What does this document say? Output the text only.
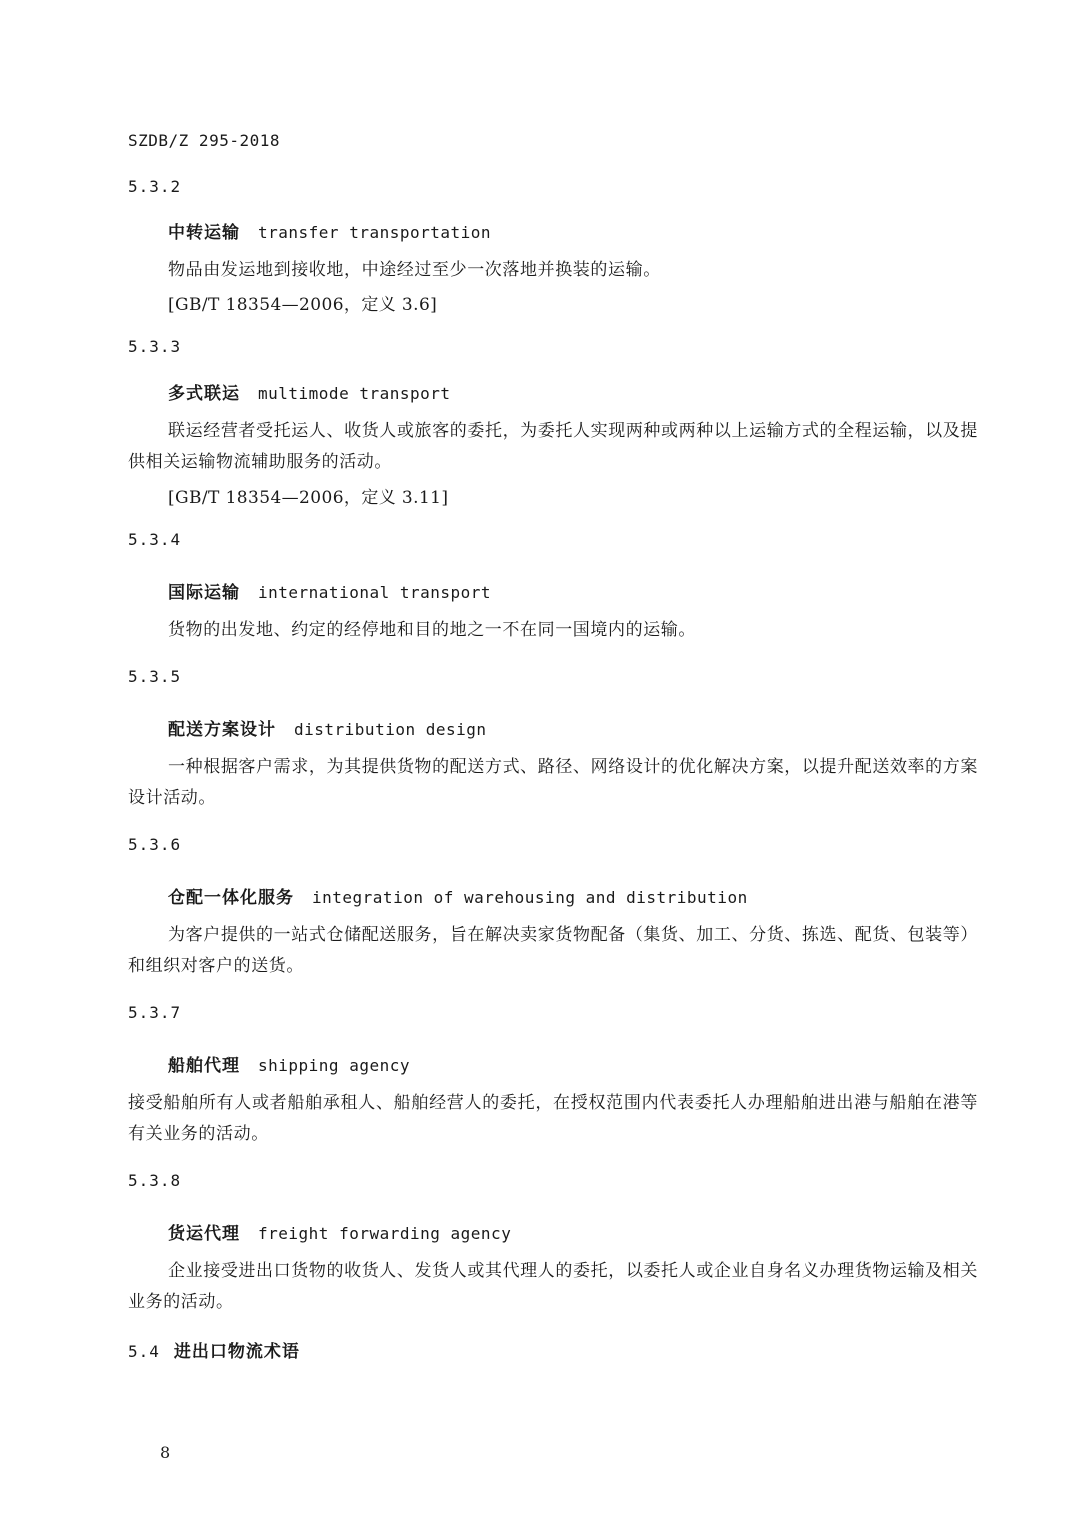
SZDB/Z 295-2018
5.3.2
中转运输 transfer transportation
物品由发运地到接收地，中途经过至少一次落地并换装的运输。
[GB/T 18354—2006，定义 3.6]
5.3.3
多式联运 multimode transport
联运经营者受托运人、收货人或旅客的委托，为委托人实现两种或两种以上运输方式的全程运输，以及提供相关运输物流辅助服务的活动。
[GB/T 18354—2006，定义 3.11]
5.3.4
国际运输 international transport
货物的出发地、约定的经停地和目的地之一不在同一国境内的运输。
5.3.5
配送方案设计 distribution design
一种根据客户需求，为其提供货物的配送方式、路径、网络设计的优化解决方案，以提升配送效率的方案设计活动。
5.3.6
仓配一体化服务 integration of warehousing and distribution
为客户提供的一站式仓储配送服务，旨在解决卖家货物配备（集货、加工、分货、拣选、配货、包装等）和组织对客户的送货。
5.3.7
船舶代理 shipping agency
接受船舶所有人或者船舶承租人、船舶经营人的委托，在授权范围内代表委托人办理船舶进出港与船舶在港等有关业务的活动。
5.3.8
货运代理 freight forwarding agency
企业接受进出口货物的收货人、发货人或其代理人的委托，以委托人或企业自身名义办理货物运输及相关业务的活动。
5.4 进出口物流术语
8
